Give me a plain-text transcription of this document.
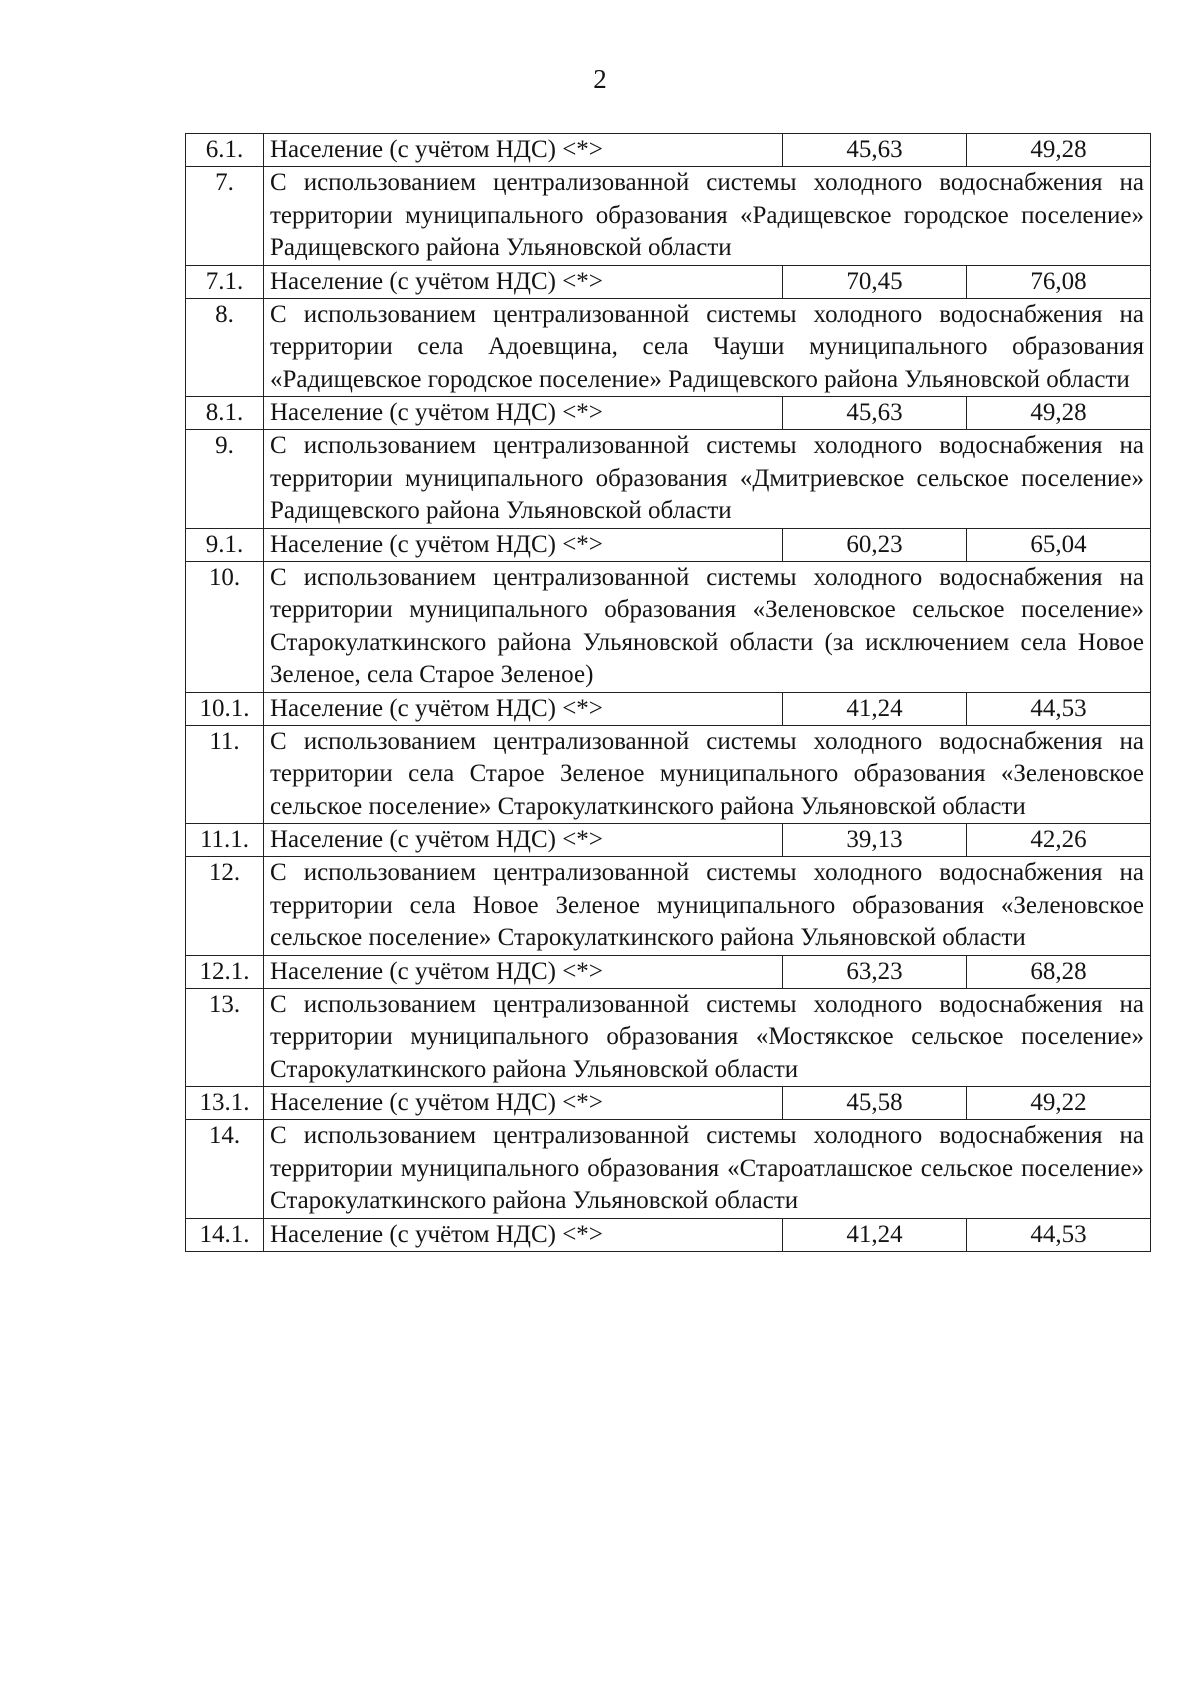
2
6.1.	Население (с учётом НДС) <*>	45,63	49,28
7.	С использованием централизованной системы холодного водоснабжения на территории муниципального образования «Радищевское городское поселение» Радищевского района Ульяновской области		
7.1.	Население (с учётом НДС) <*>	70,45	76,08
8.	С использованием централизованной системы холодного водоснабжения на территории села Адоевщина, села Чауши муниципального образования «Радищевское городское поселение» Радищевского района Ульяновской области		
8.1.	Население (с учётом НДС) <*>	45,63	49,28
9.	С использованием централизованной системы холодного водоснабжения на территории муниципального образования «Дмитриевское сельское поселение» Радищевского района Ульяновской области		
9.1.	Население (с учётом НДС) <*>	60,23	65,04
10.	С использованием централизованной системы холодного водоснабжения на территории муниципального образования «Зеленовское сельское поселение» Старокулаткинского района Ульяновской области (за исключением села Новое Зеленое, села Старое Зеленое)		
10.1.	Население (с учётом НДС) <*>	41,24	44,53
11.	С использованием централизованной системы холодного водоснабжения на территории села Старое Зеленое муниципального образования «Зеленовское сельское поселение» Старокулаткинского района Ульяновской области		
11.1.	Население (с учётом НДС) <*>	39,13	42,26
12.	С использованием централизованной системы холодного водоснабжения на территории села Новое Зеленое муниципального образования «Зеленовское сельское поселение» Старокулаткинского района Ульяновской области		
12.1.	Население (с учётом НДС) <*>	63,23	68,28
13.	С использованием централизованной системы холодного водоснабжения на территории муниципального образования «Мостякское сельское поселение» Старокулаткинского района Ульяновской области		
13.1.	Население (с учётом НДС) <*>	45,58	49,22
14.	С использованием централизованной системы холодного водоснабжения на территории муниципального образования «Староатлашское сельское поселение» Старокулаткинского района Ульяновской области		
14.1.	Население (с учётом НДС) <*>	41,24	44,53
